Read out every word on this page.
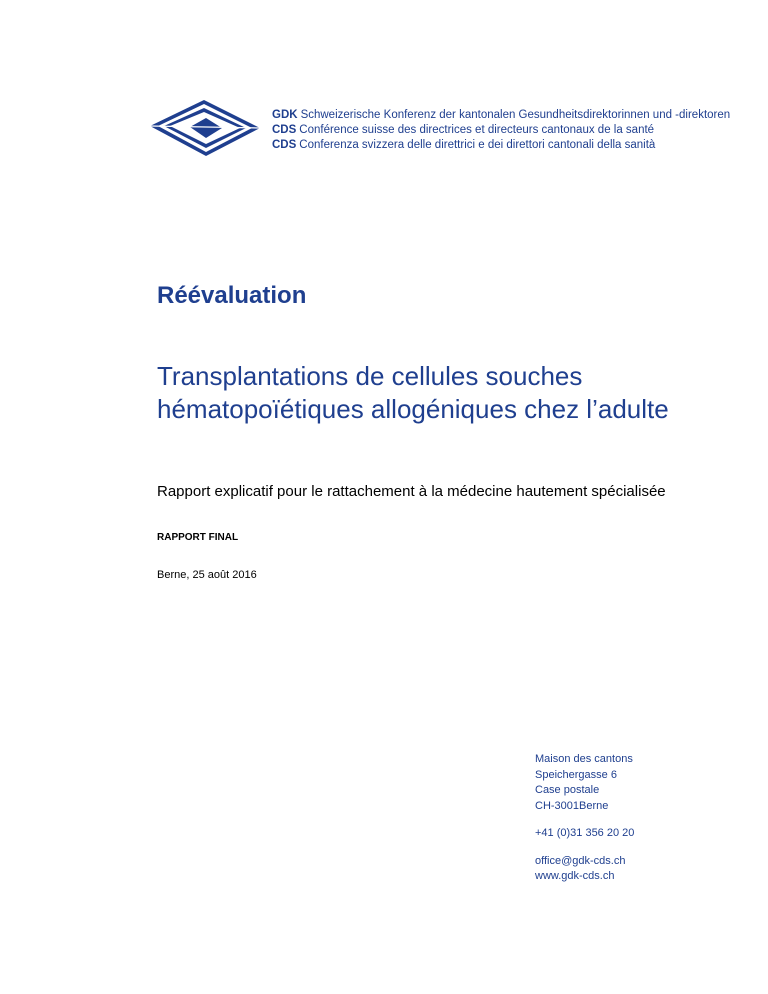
GDK Schweizerische Konferenz der kantonalen Gesundheitsdirektorinnen und -direktoren
CDS Conférence suisse des directrices et directeurs cantonaux de la santé
CDS Conferenza svizzera delle direttrici e dei direttori cantonali della sanità
Réévaluation
Transplantations de cellules souches hématopoïétiques allogéniques chez l’adulte

Rapport explicatif pour le rattachement à la médecine hautement spécialisée

RAPPORT FINAL
Berne, 25 août 2016
Maison des cantons
Speichergasse 6
Case postale
CH-3001Berne
+41 (0)31 356 20 20
office@gdk-cds.ch
www.gdk-cds.ch
